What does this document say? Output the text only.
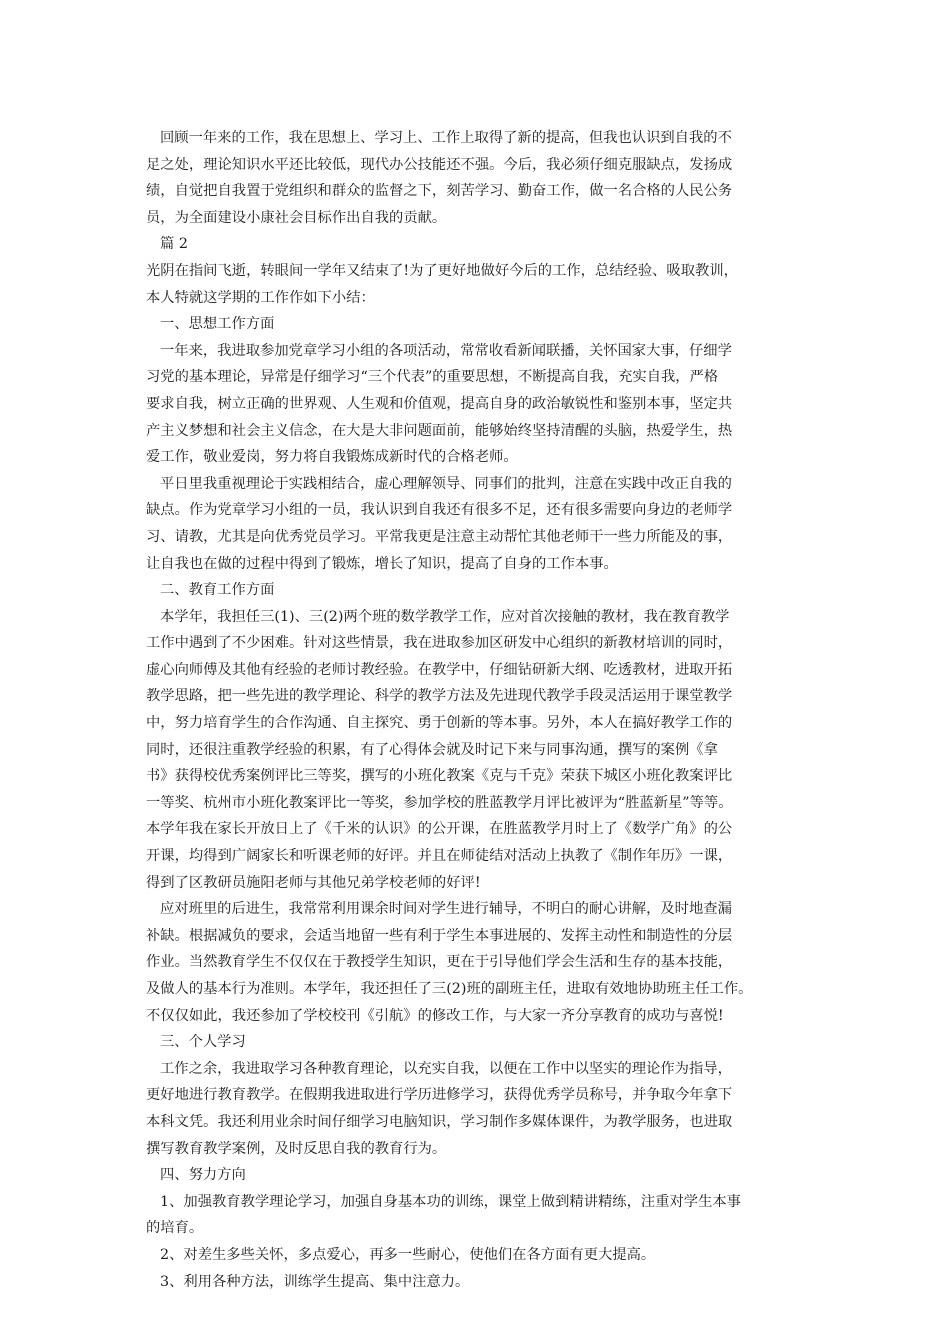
回顾一年来的工作，我在思想上、学习上、工作上取得了新的提高，但我也认识到自我的不
足之处，理论知识水平还比较低，现代办公技能还不强。今后，我必须仔细克服缺点，发扬成
绩，自觉把自我置于党组织和群众的监督之下，刻苦学习、勤奋工作，做一名合格的人民公务
员，为全面建设小康社会目标作出自我的贡献。
篇 2
光阴在指间飞逝，转眼间一学年又结束了!为了更好地做好今后的工作，总结经验、吸取教训，
本人特就这学期的工作作如下小结：
一、思想工作方面
一年来，我进取参加党章学习小组的各项活动，常常收看新闻联播，关怀国家大事，仔细学
习党的基本理论，异常是仔细学习“三个代表”的重要思想，不断提高自我，充实自我，严格
要求自我，树立正确的世界观、人生观和价值观，提高自身的政治敏锐性和鉴别本事，坚定共
产主义梦想和社会主义信念，在大是大非问题面前，能够始终坚持清醒的头脑，热爱学生，热
爱工作，敬业爱岗，努力将自我锻炼成新时代的合格老师。
平日里我重视理论于实践相结合，虚心理解领导、同事们的批判，注意在实践中改正自我的
缺点。作为党章学习小组的一员，我认识到自我还有很多不足，还有很多需要向身边的老师学
习、请教，尤其是向优秀党员学习。平常我更是注意主动帮忙其他老师干一些力所能及的事，
让自我也在做的过程中得到了锻炼，增长了知识，提高了自身的工作本事。
二、教育工作方面
本学年，我担任三(1)、三(2)两个班的数学教学工作，应对首次接触的教材，我在教育教学
工作中遇到了不少困难。针对这些情景，我在进取参加区研发中心组织的新教材培训的同时，
虚心向师傅及其他有经验的老师讨教经验。在教学中，仔细钻研新大纲、吃透教材，进取开拓
教学思路，把一些先进的教学理论、科学的教学方法及先进现代教学手段灵活运用于课堂教学
中，努力培育学生的合作沟通、自主探究、勇于创新的等本事。另外，本人在搞好教学工作的
同时，还很注重教学经验的积累，有了心得体会就及时记下来与同事沟通，撰写的案例《拿
书》获得校优秀案例评比三等奖，撰写的小班化教案《克与千克》荣获下城区小班化教案评比
一等奖、杭州市小班化教案评比一等奖，参加学校的胜蓝教学月评比被评为“胜蓝新星”等等。
本学年我在家长开放日上了《千米的认识》的公开课，在胜蓝教学月时上了《数学广角》的公
开课，均得到广阔家长和听课老师的好评。并且在师徒结对活动上执教了《制作年历》一课，
得到了区教研员施阳老师与其他兄弟学校老师的好评!
应对班里的后进生，我常常利用课余时间对学生进行辅导，不明白的耐心讲解，及时地查漏
补缺。根据减负的要求，会适当地留一些有利于学生本事进展的、发挥主动性和制造性的分层
作业。当然教育学生不仅仅在于教授学生知识，更在于引导他们学会生活和生存的基本技能，
及做人的基本行为准则。本学年，我还担任了三(2)班的副班主任，进取有效地协助班主任工作。
不仅仅如此，我还参加了学校校刊《引航》的修改工作，与大家一齐分享教育的成功与喜悦!
三、个人学习
工作之余，我进取学习各种教育理论，以充实自我，以便在工作中以坚实的理论作为指导，
更好地进行教育教学。在假期我进取进行学历进修学习，获得优秀学员称号，并争取今年拿下
本科文凭。我还利用业余时间仔细学习电脑知识，学习制作多媒体课件，为教学服务，也进取
撰写教育教学案例，及时反思自我的教育行为。
四、努力方向
1、加强教育教学理论学习，加强自身基本功的训练，课堂上做到精讲精练，注重对学生本事
的培育。
2、对差生多些关怀，多点爱心，再多一些耐心，使他们在各方面有更大提高。
3、利用各种方法，训练学生提高、集中注意力。
